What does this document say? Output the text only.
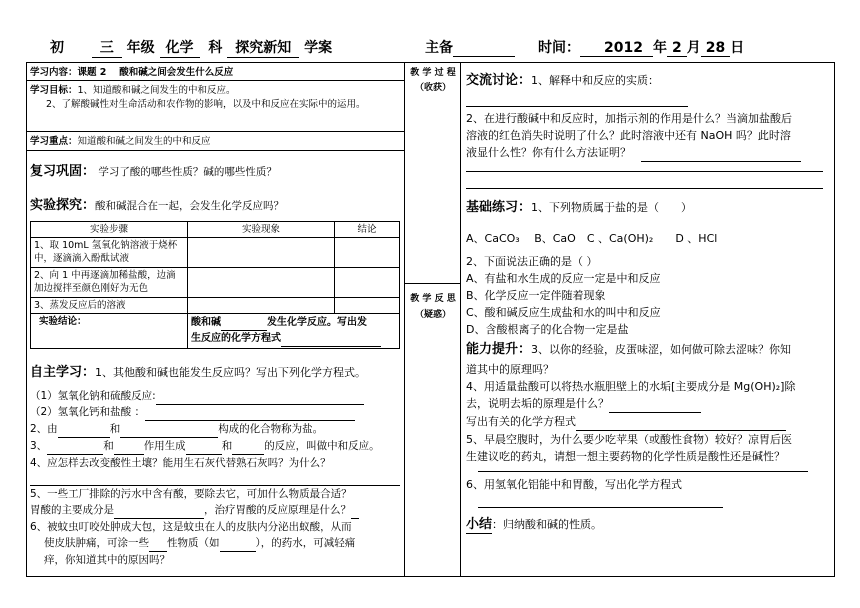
初	三 年级 化学 科 探究新知 学案	主备	时间： 2012 年 2 月 28 日
学习内容：课题 2　 酸和碱之间会发生什么反应
学习目标：1、知道酸和碱之间发生的中和反应。
2、了解酸碱性对生命活动和农作物的影响，以及中和反应在实际中的运用。
学习重点：知道酸和碱之间发生的中和反应
复习巩固： 学习了酸的哪些性质？碱的哪些性质？
实验探究：酸和碱混合在一起，会发生化学反应吗？
实验步骤	实验现象	结论
1、取 10mL 氢氧化钠溶液于烧杯中，逐滴滴入酚酞试液		
2、向 1 中再逐滴加稀盐酸，边滴加边搅拌至颜色刚好为无色		
3、蒸发反应后的溶液		
实验结论：	酸和碱 发生化学反应。写出发
生反应的化学方程式	
自主学习：1、其他酸和碱也能发生反应吗？写出下列化学方程式。
（1）氢氧化钠和硫酸反应:
（2）氢氧化钙和盐酸 ：
2、由	和	构成的化合物称为盐。
3、	和	作用生成	和	的反应，叫做中和反应。
4、应怎样去改变酸性土壤？能用生石灰代替熟石灰吗？为什么？
5、一些工厂排除的污水中含有酸，要除去它，可加什么物质最合适？
胃酸的主要成分是	，治疗胃酸的反应原理是什么？
6、被蚊虫叮咬处肿成大包，这是蚊虫在人的皮肤内分泌出蚁酸，从而
使皮肤肿痛，可涂一些 性物质（如	），的药水，可减轻痛
痒，你知道其中的原因吗？
教 学 过 程
（收获）
教 学 反 思
（疑惑）
交流讨论：1、解释中和反应的实质：
2、在进行酸碱中和反应时，加指示剂的作用是什么？当滴加盐酸后
溶液的红色消失时说明了什么？此时溶液中还有 NaOH 吗？此时溶
液显什么性？你有什么方法证明？
基础练习：1、下列物质属于盐的是（　　）
A、CaCO₃　 B、CaO　C 、Ca(OH)₂　　D 、HCl
2、下面说法正确的是（ ）
A、有盐和水生成的反应一定是中和反应
B、化学反应一定伴随着现象
C、酸和碱反应生成盐和水的叫中和反应
D、含酸根离子的化合物一定是盐
能力提升：3、以你的经验，皮蛋味涩，如何做可除去涩味？你知
道其中的原理吗？
4、用适量盐酸可以将热水瓶胆壁上的水垢[主要成分是 Mg(OH)₂]除
去，说明去垢的原理是什么？
写出有关的化学方程式
5、早晨空腹时，为什么要少吃苹果（或酸性食物）较好？凉胃后医
生建议吃的药丸，请想一想主要药物的化学性质是酸性还是碱性？
6、用氢氧化铝能中和胃酸，写出化学方程式
小结：归纳酸和碱的性质。
